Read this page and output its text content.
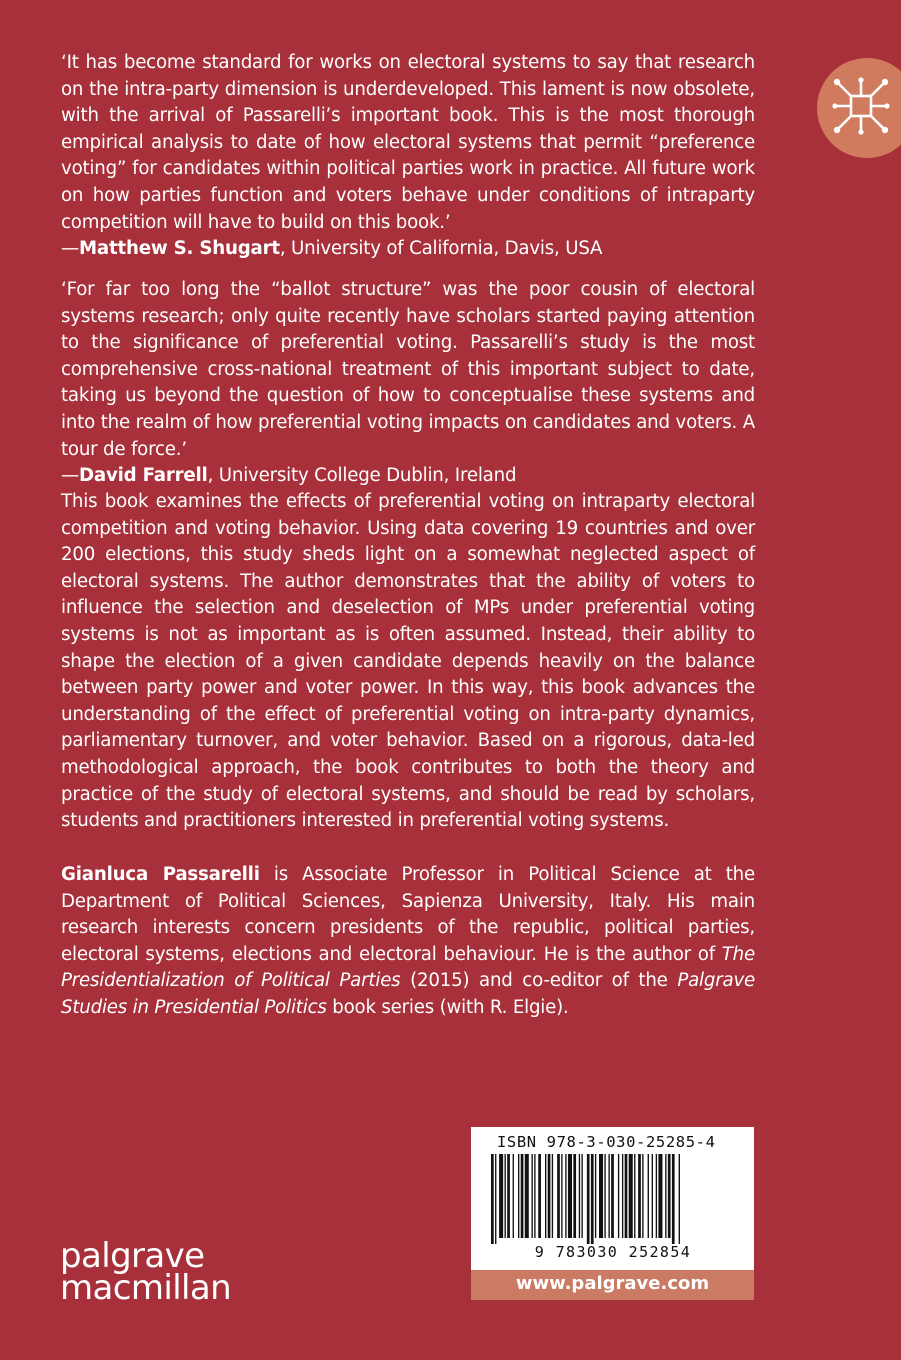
‘It has become standard for works on electoral systems to say that research on the intra-party dimension is underdeveloped. This lament is now obsolete, with the arrival of Passarelli’s important book. This is the most thorough empirical analysis to date of how electoral systems that permit “preference voting” for candidates within political parties work in practice. All future work on how parties function and voters behave under conditions of intraparty competition will have to build on this book.’
—Matthew S. Shugart, University of California, Davis, USA
‘For far too long the “ballot structure” was the poor cousin of electoral systems research; only quite recently have scholars started paying attention to the significance of preferential voting. Passarelli’s study is the most comprehensive cross-national treatment of this important subject to date, taking us beyond the question of how to conceptualise these systems and into the realm of how preferential voting impacts on candidates and voters. A tour de force.’
—David Farrell, University College Dublin, Ireland
This book examines the effects of preferential voting on intraparty electoral competition and voting behavior. Using data covering 19 countries and over 200 elections, this study sheds light on a somewhat neglected aspect of electoral systems. The author demonstrates that the ability of voters to influence the selection and deselection of MPs under preferential voting systems is not as important as is often assumed. Instead, their ability to shape the election of a given candidate depends heavily on the balance between party power and voter power. In this way, this book advances the understanding of the effect of preferential voting on intra-party dynamics, parliamentary turnover, and voter behavior. Based on a rigorous, data-led methodological approach, the book contributes to both the theory and practice of the study of electoral systems, and should be read by scholars, students and practitioners interested in preferential voting systems.
Gianluca Passarelli is Associate Professor in Political Science at the Department of Political Sciences, Sapienza University, Italy. His main research interests concern presidents of the republic, political parties, electoral systems, elections and electoral behaviour. He is the author of The Presidentialization of Political Parties (2015) and co-editor of the Palgrave Studies in Presidential Politics book series (with R. Elgie).
ISBN 978-3-030-25285-4
9 783030 252854
www.palgrave.com
palgrave
macmillan
